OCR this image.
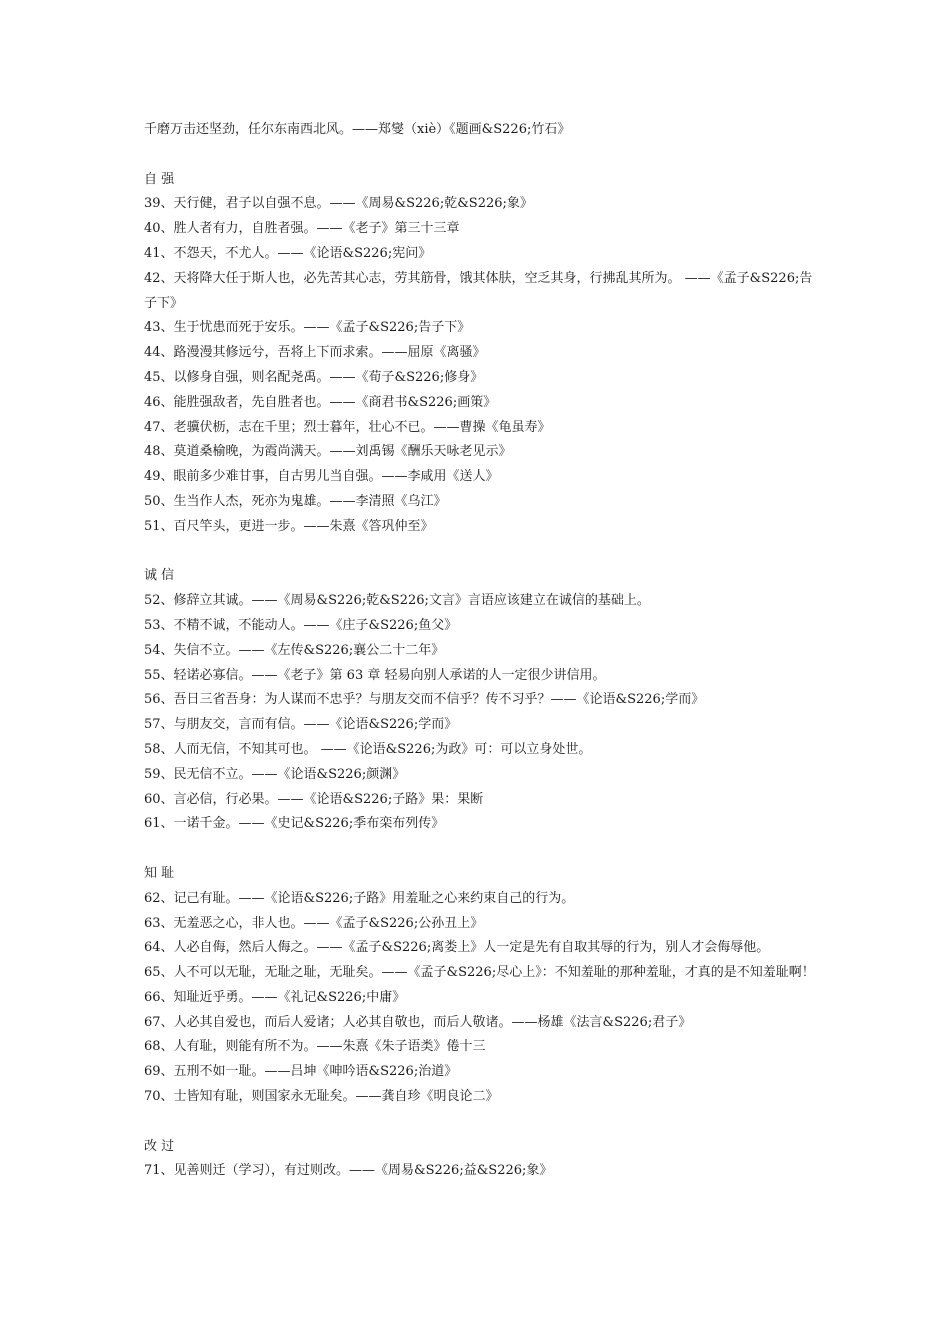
千磨万击还坚劲，任尔东南西北风。——郑燮（xiè）《题画&S226;竹石》
自 强
39、天行健，君子以自强不息。——《周易&S226;乾&S226;象》
40、胜人者有力，自胜者强。——《老子》第三十三章
41、不怨天，不尤人。——《论语&S226;宪问》
42、天将降大任于斯人也，必先苦其心志，劳其筋骨，饿其体肤，空乏其身，行拂乱其所为。 ——《孟子&S226;告子下》
43、生于忧患而死于安乐。——《孟子&S226;告子下》
44、路漫漫其修远兮，吾将上下而求索。——屈原《离骚》
45、以修身自强，则名配尧禹。——《荀子&S226;修身》
46、能胜强敌者，先自胜者也。——《商君书&S226;画策》
47、老骥伏枥，志在千里；烈士暮年，壮心不已。——曹操《龟虽寿》
48、莫道桑榆晚，为霞尚满天。——刘禹锡《酬乐天咏老见示》
49、眼前多少难甘事，自古男儿当自强。——李咸用《送人》
50、生当作人杰，死亦为鬼雄。——李清照《乌江》
51、百尺竿头，更进一步。——朱熹《答巩仲至》
诚 信
52、修辞立其诚。——《周易&S226;乾&S226;文言》言语应该建立在诚信的基础上。
53、不精不诚，不能动人。——《庄子&S226;鱼父》
54、失信不立。——《左传&S226;襄公二十二年》
55、轻诺必寡信。——《老子》第 63 章 轻易向别人承诺的人一定很少讲信用。
56、吾日三省吾身：为人谋而不忠乎？与朋友交而不信乎？传不习乎？——《论语&S226;学而》
57、与朋友交，言而有信。——《论语&S226;学而》
58、人而无信，不知其可也。 ——《论语&S226;为政》可：可以立身处世。
59、民无信不立。——《论语&S226;颜渊》
60、言必信，行必果。——《论语&S226;子路》果：果断
61、一诺千金。——《史记&S226;季布栾布列传》
知 耻
62、记己有耻。——《论语&S226;子路》用羞耻之心来约束自己的行为。
63、无羞恶之心，非人也。——《孟子&S226;公孙丑上》
64、人必自侮，然后人侮之。——《孟子&S226;离娄上》人一定是先有自取其辱的行为，别人才会侮辱他。
65、人不可以无耻，无耻之耻，无耻矣。——《孟子&S226;尽心上》：不知羞耻的那种羞耻，才真的是不知羞耻啊！
66、知耻近乎勇。——《礼记&S226;中庸》
67、人必其自爱也，而后人爱诸；人必其自敬也，而后人敬诸。——杨雄《法言&S226;君子》
68、人有耻，则能有所不为。——朱熹《朱子语类》倦十三
69、五刑不如一耻。——吕坤《呻吟语&S226;治道》
70、士皆知有耻，则国家永无耻矣。——龚自珍《明良论二》
改 过
71、见善则迁（学习），有过则改。——《周易&S226;益&S226;象》
